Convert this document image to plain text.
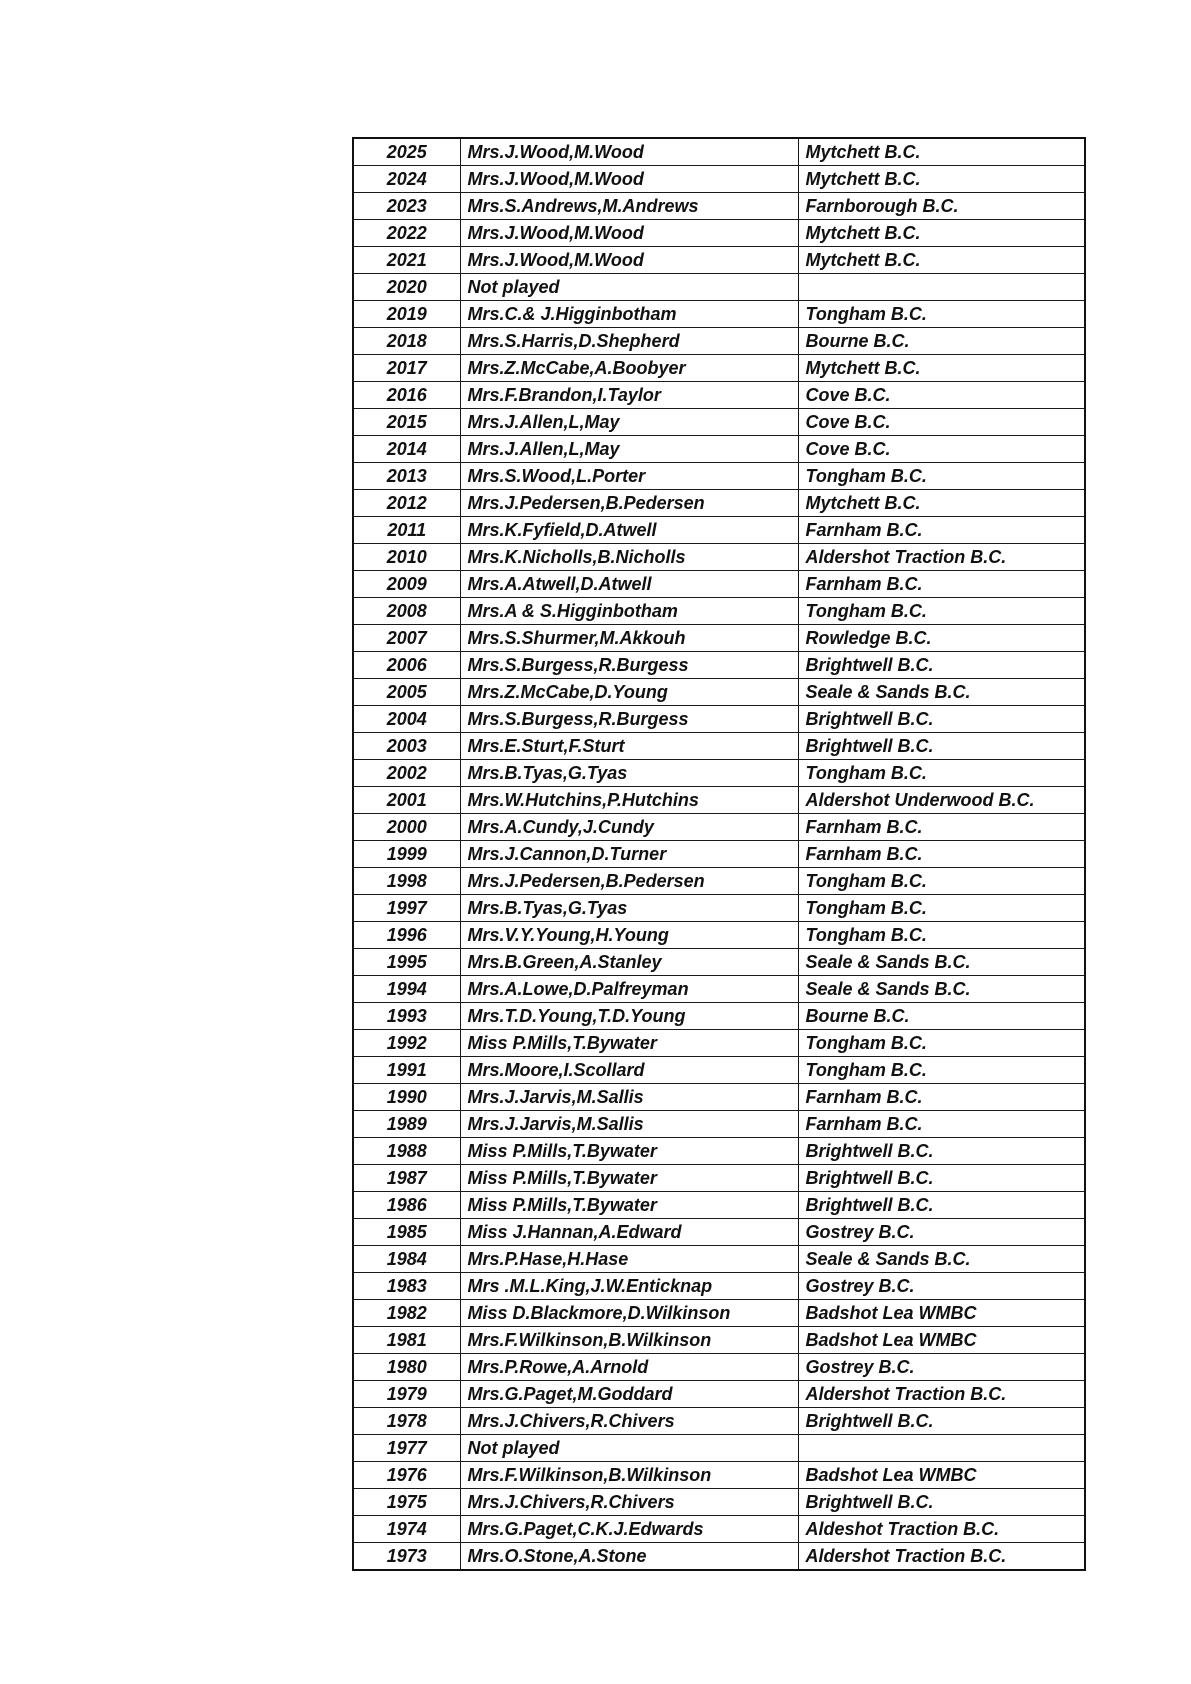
2025	Mrs.J.Wood,M.Wood	Mytchett B.C.
2024	Mrs.J.Wood,M.Wood	Mytchett B.C.
2023	Mrs.S.Andrews,M.Andrews	Farnborough B.C.
2022	Mrs.J.Wood,M.Wood	Mytchett B.C.
2021	Mrs.J.Wood,M.Wood	Mytchett B.C.
2020	Not played	
2019	Mrs.C.& J.Higginbotham	Tongham B.C.
2018	Mrs.S.Harris,D.Shepherd	Bourne B.C.
2017	Mrs.Z.McCabe,A.Boobyer	Mytchett B.C.
2016	Mrs.F.Brandon,I.Taylor	Cove B.C.
2015	Mrs.J.Allen,L,May	Cove B.C.
2014	Mrs.J.Allen,L,May	Cove B.C.
2013	Mrs.S.Wood,L.Porter	Tongham B.C.
2012	Mrs.J.Pedersen,B.Pedersen	Mytchett B.C.
2011	Mrs.K.Fyfield,D.Atwell	Farnham B.C.
2010	Mrs.K.Nicholls,B.Nicholls	Aldershot Traction B.C.
2009	Mrs.A.Atwell,D.Atwell	Farnham B.C.
2008	Mrs.A & S.Higginbotham	Tongham B.C.
2007	Mrs.S.Shurmer,M.Akkouh	Rowledge B.C.
2006	Mrs.S.Burgess,R.Burgess	Brightwell B.C.
2005	Mrs.Z.McCabe,D.Young	Seale & Sands B.C.
2004	Mrs.S.Burgess,R.Burgess	Brightwell B.C.
2003	Mrs.E.Sturt,F.Sturt	Brightwell B.C.
2002	Mrs.B.Tyas,G.Tyas	Tongham B.C.
2001	Mrs.W.Hutchins,P.Hutchins	Aldershot Underwood B.C.
2000	Mrs.A.Cundy,J.Cundy	Farnham B.C.
1999	Mrs.J.Cannon,D.Turner	Farnham B.C.
1998	Mrs.J.Pedersen,B.Pedersen	Tongham B.C.
1997	Mrs.B.Tyas,G.Tyas	Tongham B.C.
1996	Mrs.V.Y.Young,H.Young	Tongham B.C.
1995	Mrs.B.Green,A.Stanley	Seale & Sands B.C.
1994	Mrs.A.Lowe,D.Palfreyman	Seale & Sands B.C.
1993	Mrs.T.D.Young,T.D.Young	Bourne B.C.
1992	Miss P.Mills,T.Bywater	Tongham B.C.
1991	Mrs.Moore,I.Scollard	Tongham B.C.
1990	Mrs.J.Jarvis,M.Sallis	Farnham B.C.
1989	Mrs.J.Jarvis,M.Sallis	Farnham B.C.
1988	Miss P.Mills,T.Bywater	Brightwell B.C.
1987	Miss P.Mills,T.Bywater	Brightwell B.C.
1986	Miss P.Mills,T.Bywater	Brightwell B.C.
1985	Miss J.Hannan,A.Edward	Gostrey B.C.
1984	Mrs.P.Hase,H.Hase	Seale & Sands B.C.
1983	Mrs .M.L.King,J.W.Enticknap	Gostrey B.C.
1982	Miss D.Blackmore,D.Wilkinson	Badshot Lea WMBC
1981	Mrs.F.Wilkinson,B.Wilkinson	Badshot Lea WMBC
1980	Mrs.P.Rowe,A.Arnold	Gostrey B.C.
1979	Mrs.G.Paget,M.Goddard	Aldershot Traction B.C.
1978	Mrs.J.Chivers,R.Chivers	Brightwell B.C.
1977	Not played	
1976	Mrs.F.Wilkinson,B.Wilkinson	Badshot Lea WMBC
1975	Mrs.J.Chivers,R.Chivers	Brightwell B.C.
1974	Mrs.G.Paget,C.K.J.Edwards	Aldeshot Traction B.C.
1973	Mrs.O.Stone,A.Stone	Aldershot Traction B.C.
